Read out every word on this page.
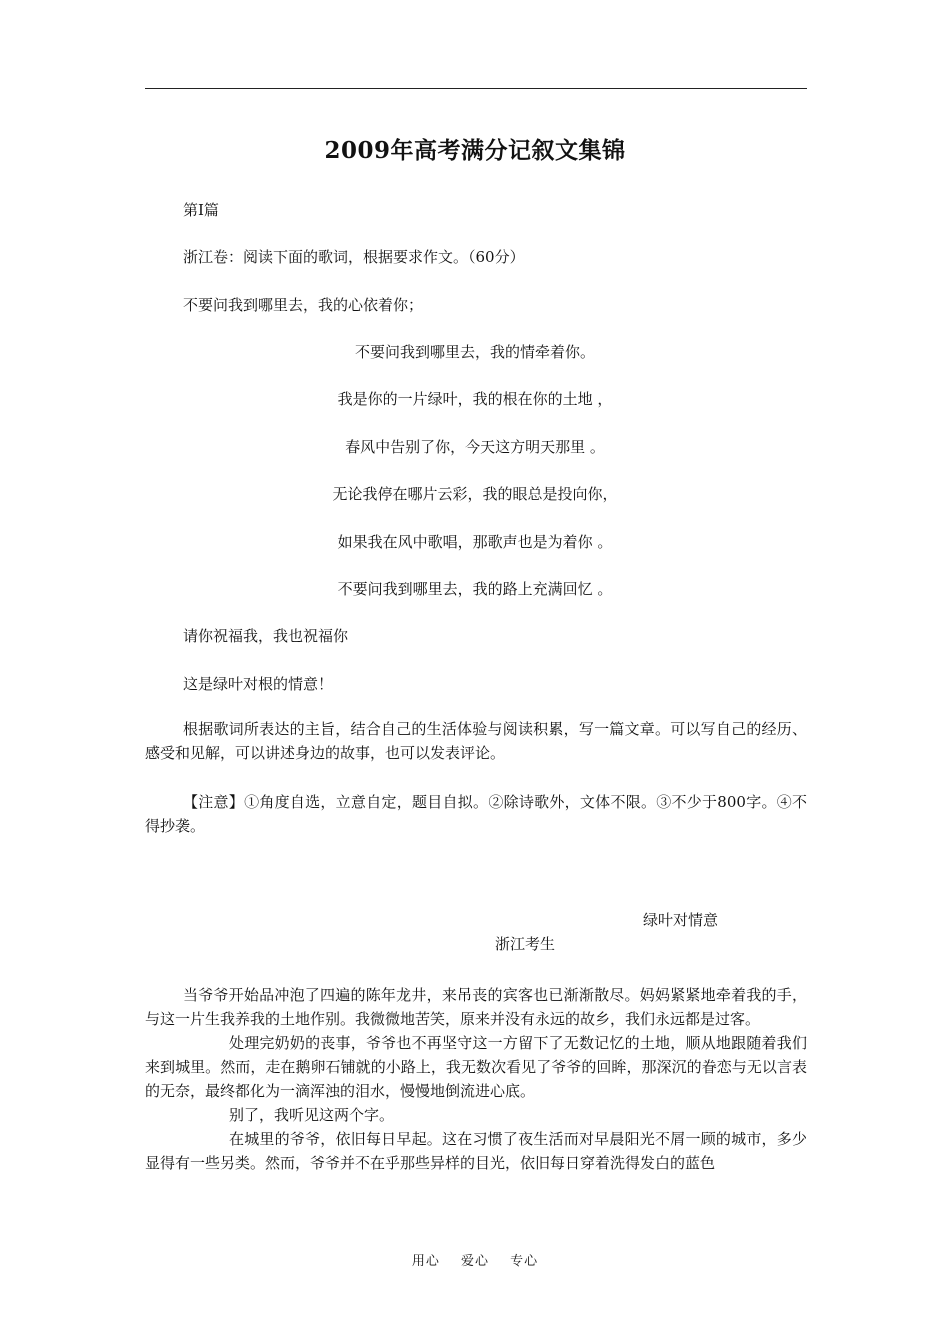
2009年高考满分记叙文集锦
第Ⅰ篇
浙江卷：阅读下面的歌词，根据要求作文。（60分）
不要问我到哪里去，我的心依着你；
不要问我到哪里去，我的情牵着你。
我是你的一片绿叶，我的根在你的土地 ，
春风中告别了你，今天这方明天那里 。
无论我停在哪片云彩，我的眼总是投向你，
如果我在风中歌唱，那歌声也是为着你 。
不要问我到哪里去，我的路上充满回忆 。
请你祝福我，我也祝福你
这是绿叶对根的情意！

根据歌词所表达的主旨，结合自己的生活体验与阅读积累，写一篇文章。可以写自己的经历、感受和见解，可以讲述身边的故事，也可以发表评论。

【注意】①角度自选，立意自定，题目自拟。②除诗歌外，文体不限。③不少于800字。④不得抄袭。

绿叶对情意
浙江考生

当爷爷开始品冲泡了四遍的陈年龙井，来吊丧的宾客也已渐渐散尽。妈妈紧紧地牵着我的手，与这一片生我养我的土地作别。我微微地苦笑，原来并没有永远的故乡，我们永远都是过客。

处理完奶奶的丧事，爷爷也不再坚守这一方留下了无数记忆的土地，顺从地跟随着我们来到城里。然而，走在鹅卵石铺就的小路上，我无数次看见了爷爷的回眸，那深沉的眷恋与无以言表的无奈，最终都化为一滴浑浊的泪水，慢慢地倒流进心底。

别了，我听见这两个字。

在城里的爷爷，依旧每日早起。这在习惯了夜生活而对早晨阳光不屑一顾的城市，多少显得有一些另类。然而，爷爷并不在乎那些异样的目光，依旧每日穿着洗得发白的蓝色

用心 爱心 专心
